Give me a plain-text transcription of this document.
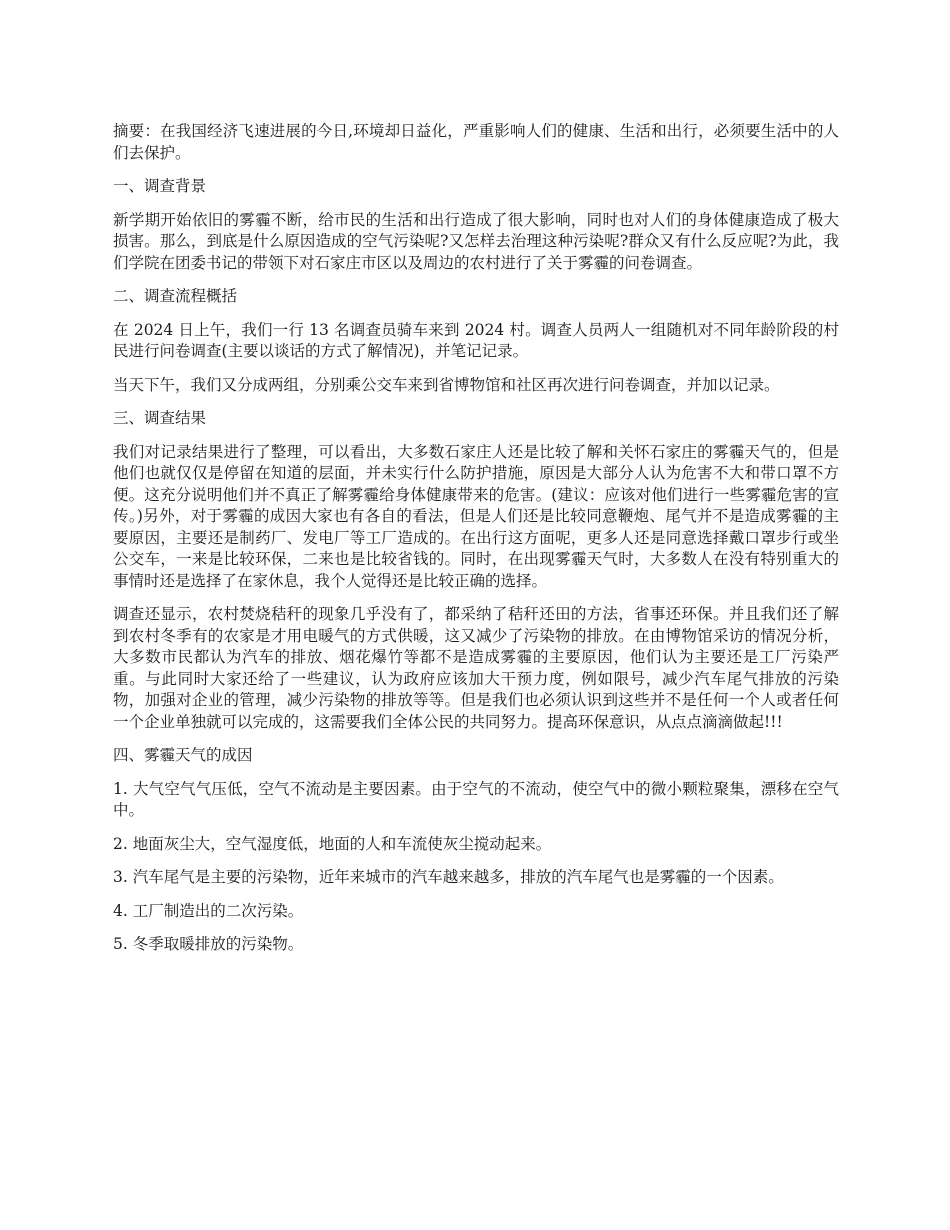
摘要：在我国经济飞速进展的今日,环境却日益化，严重影响人们的健康、生活和出行，必须要生活中的人们去保护。

一、调查背景

新学期开始依旧的雾霾不断，给市民的生活和出行造成了很大影响，同时也对人们的身体健康造成了极大损害。那么，到底是什么原因造成的空气污染呢?又怎样去治理这种污染呢?群众又有什么反应呢?为此，我们学院在团委书记的带领下对石家庄市区以及周边的农村进行了关于雾霾的问卷调查。

二、调查流程概括

在 2024 日上午，我们一行 13 名调查员骑车来到 2024 村。调查人员两人一组随机对不同年龄阶段的村民进行问卷调查(主要以谈话的方式了解情况)，并笔记记录。

当天下午，我们又分成两组，分别乘公交车来到省博物馆和社区再次进行问卷调查，并加以记录。

三、调查结果

我们对记录结果进行了整理，可以看出，大多数石家庄人还是比较了解和关怀石家庄的雾霾天气的，但是他们也就仅仅是停留在知道的层面，并未实行什么防护措施，原因是大部分人认为危害不大和带口罩不方便。这充分说明他们并不真正了解雾霾给身体健康带来的危害。(建议：应该对他们进行一些雾霾危害的宣传。)另外，对于雾霾的成因大家也有各自的看法，但是人们还是比较同意鞭炮、尾气并不是造成雾霾的主要原因，主要还是制药厂、发电厂等工厂造成的。在出行这方面呢，更多人还是同意选择戴口罩步行或坐公交车，一来是比较环保，二来也是比较省钱的。同时，在出现雾霾天气时，大多数人在没有特别重大的事情时还是选择了在家休息，我个人觉得还是比较正确的选择。

调查还显示，农村焚烧秸秆的现象几乎没有了，都采纳了秸秆还田的方法，省事还环保。并且我们还了解到农村冬季有的农家是才用电暖气的方式供暖，这又减少了污染物的排放。在由博物馆采访的情况分析，大多数市民都认为汽车的排放、烟花爆竹等都不是造成雾霾的主要原因，他们认为主要还是工厂污染严重。与此同时大家还给了一些建议，认为政府应该加大干预力度，例如限号，减少汽车尾气排放的污染物，加强对企业的管理，减少污染物的排放等等。但是我们也必须认识到这些并不是任何一个人或者任何一个企业单独就可以完成的，这需要我们全体公民的共同努力。提高环保意识，从点点滴滴做起!!!

四、雾霾天气的成因

1. 大气空气气压低，空气不流动是主要因素。由于空气的不流动，使空气中的微小颗粒聚集，漂移在空气中。

2. 地面灰尘大，空气湿度低，地面的人和车流使灰尘搅动起来。

3. 汽车尾气是主要的污染物，近年来城市的汽车越来越多，排放的汽车尾气也是雾霾的一个因素。

4. 工厂制造出的二次污染。

5. 冬季取暖排放的污染物。
